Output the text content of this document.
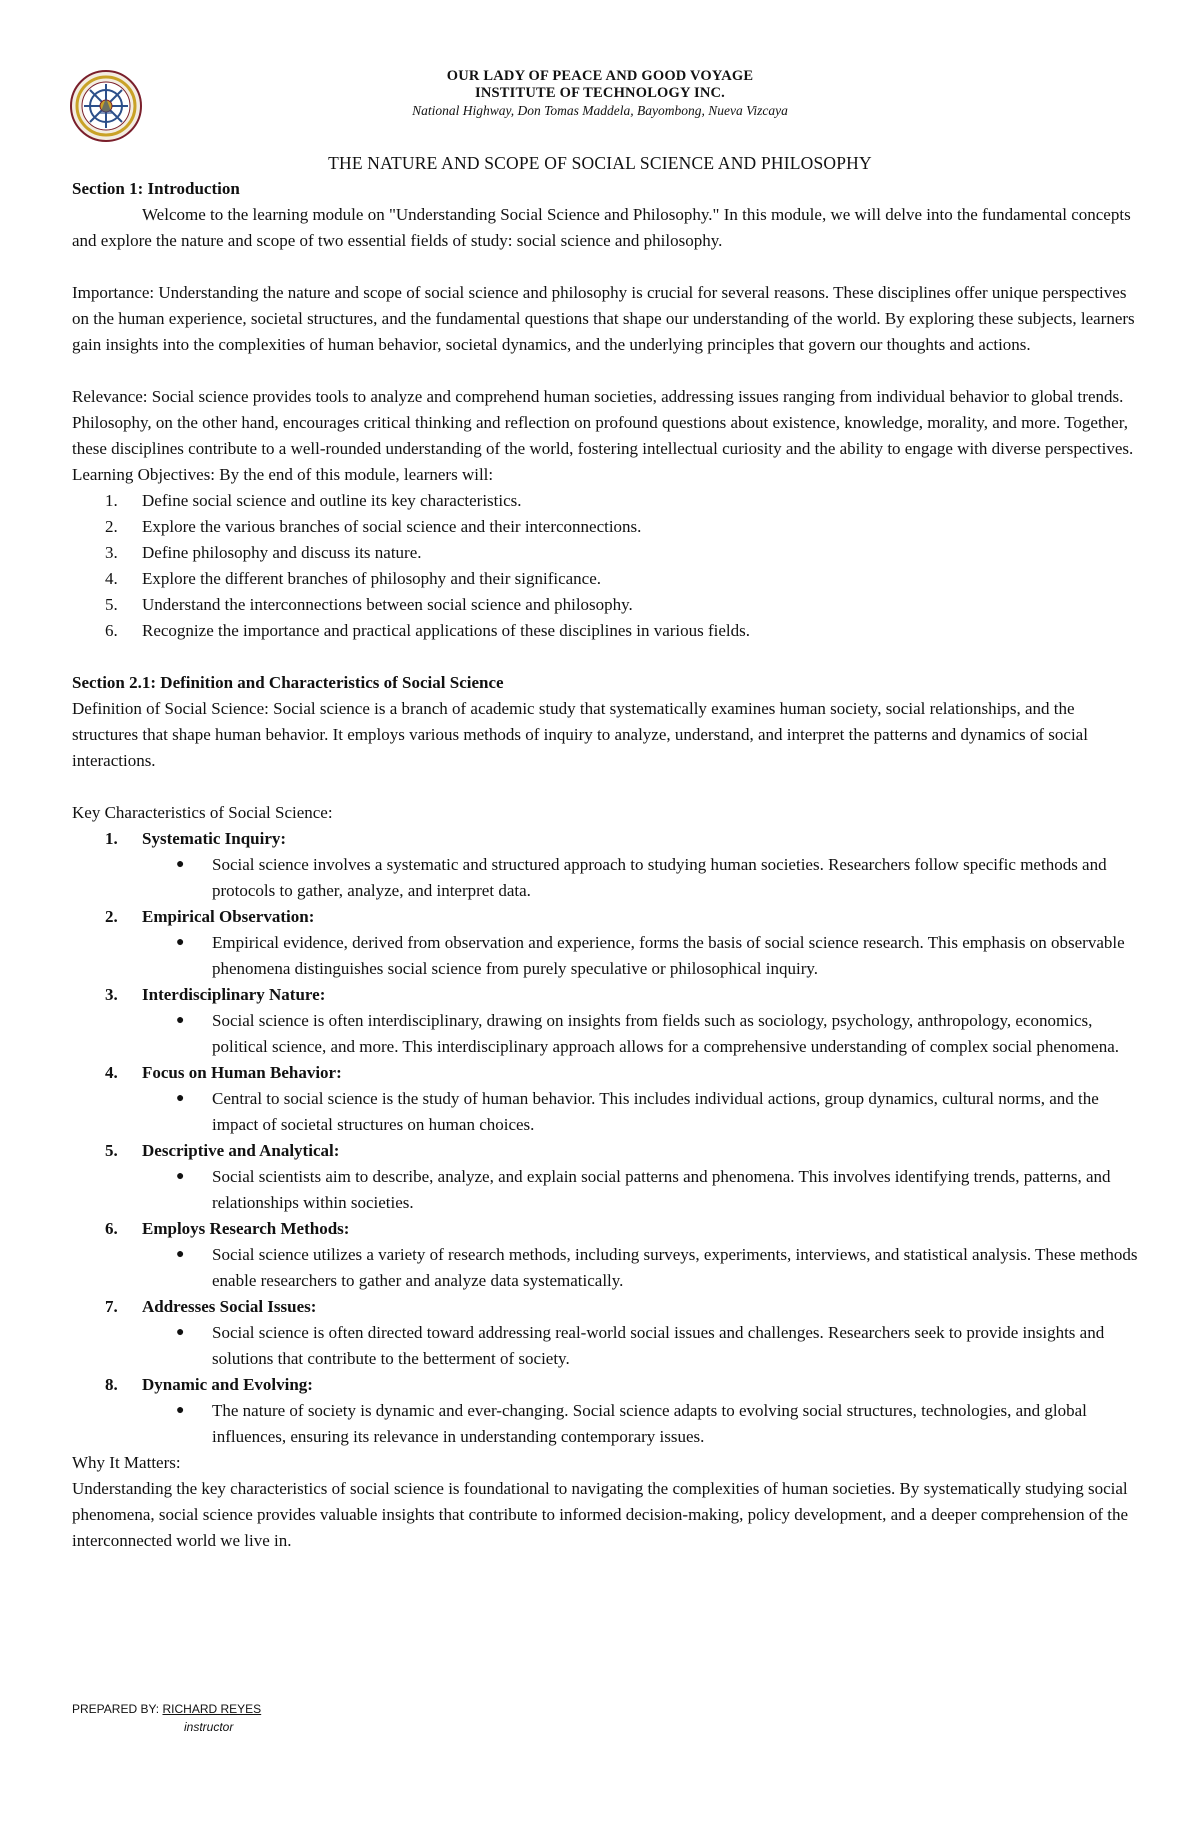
OUR LADY OF PEACE AND GOOD VOYAGE
INSTITUTE OF TECHNOLOGY INC.
National Highway, Don Tomas Maddela, Bayombong, Nueva Vizcaya
THE NATURE AND SCOPE OF SOCIAL SCIENCE AND PHILOSOPHY

Section 1: Introduction

Welcome to the learning module on "Understanding Social Science and Philosophy." In this module, we will delve into the fundamental concepts and explore the nature and scope of two essential fields of study: social science and philosophy.

Importance: Understanding the nature and scope of social science and philosophy is crucial for several reasons. These disciplines offer unique perspectives on the human experience, societal structures, and the fundamental questions that shape our understanding of the world. By exploring these subjects, learners gain insights into the complexities of human behavior, societal dynamics, and the underlying principles that govern our thoughts and actions.

Relevance: Social science provides tools to analyze and comprehend human societies, addressing issues ranging from individual behavior to global trends. Philosophy, on the other hand, encourages critical thinking and reflection on profound questions about existence, knowledge, morality, and more. Together, these disciplines contribute to a well-rounded understanding of the world, fostering intellectual curiosity and the ability to engage with diverse perspectives.

Learning Objectives: By the end of this module, learners will:

1.	Define social science and outline its key characteristics.
2.	Explore the various branches of social science and their interconnections.
3.	Define philosophy and discuss its nature.
4.	Explore the different branches of philosophy and their significance.
5.	Understand the interconnections between social science and philosophy.
6.	Recognize the importance and practical applications of these disciplines in various fields.

Section 2.1: Definition and Characteristics of Social Science

Definition of Social Science: Social science is a branch of academic study that systematically examines human society, social relationships, and the structures that shape human behavior. It employs various methods of inquiry to analyze, understand, and interpret the patterns and dynamics of social interactions.

Key Characteristics of Social Science:

1. Systematic Inquiry:
● Social science involves a systematic and structured approach to studying human societies. Researchers follow specific methods and protocols to gather, analyze, and interpret data.
2. Empirical Observation:
● Empirical evidence, derived from observation and experience, forms the basis of social science research. This emphasis on observable phenomena distinguishes social science from purely speculative or philosophical inquiry.
3. Interdisciplinary Nature:
● Social science is often interdisciplinary, drawing on insights from fields such as sociology, psychology, anthropology, economics, political science, and more. This interdisciplinary approach allows for a comprehensive understanding of complex social phenomena.
4. Focus on Human Behavior:
● Central to social science is the study of human behavior. This includes individual actions, group dynamics, cultural norms, and the impact of societal structures on human choices.
5. Descriptive and Analytical:
● Social scientists aim to describe, analyze, and explain social patterns and phenomena. This involves identifying trends, patterns, and relationships within societies.
6. Employs Research Methods:
● Social science utilizes a variety of research methods, including surveys, experiments, interviews, and statistical analysis. These methods enable researchers to gather and analyze data systematically.
7. Addresses Social Issues:
● Social science is often directed toward addressing real-world social issues and challenges. Researchers seek to provide insights and solutions that contribute to the betterment of society.
8. Dynamic and Evolving:
● The nature of society is dynamic and ever-changing. Social science adapts to evolving social structures, technologies, and global influences, ensuring its relevance in understanding contemporary issues.

Why It Matters:

Understanding the key characteristics of social science is foundational to navigating the complexities of human societies. By systematically studying social phenomena, social science provides valuable insights that contribute to informed decision-making, policy development, and a deeper comprehension of the interconnected world we live in.

PREPARED BY: RICHARD REYES
instructor
